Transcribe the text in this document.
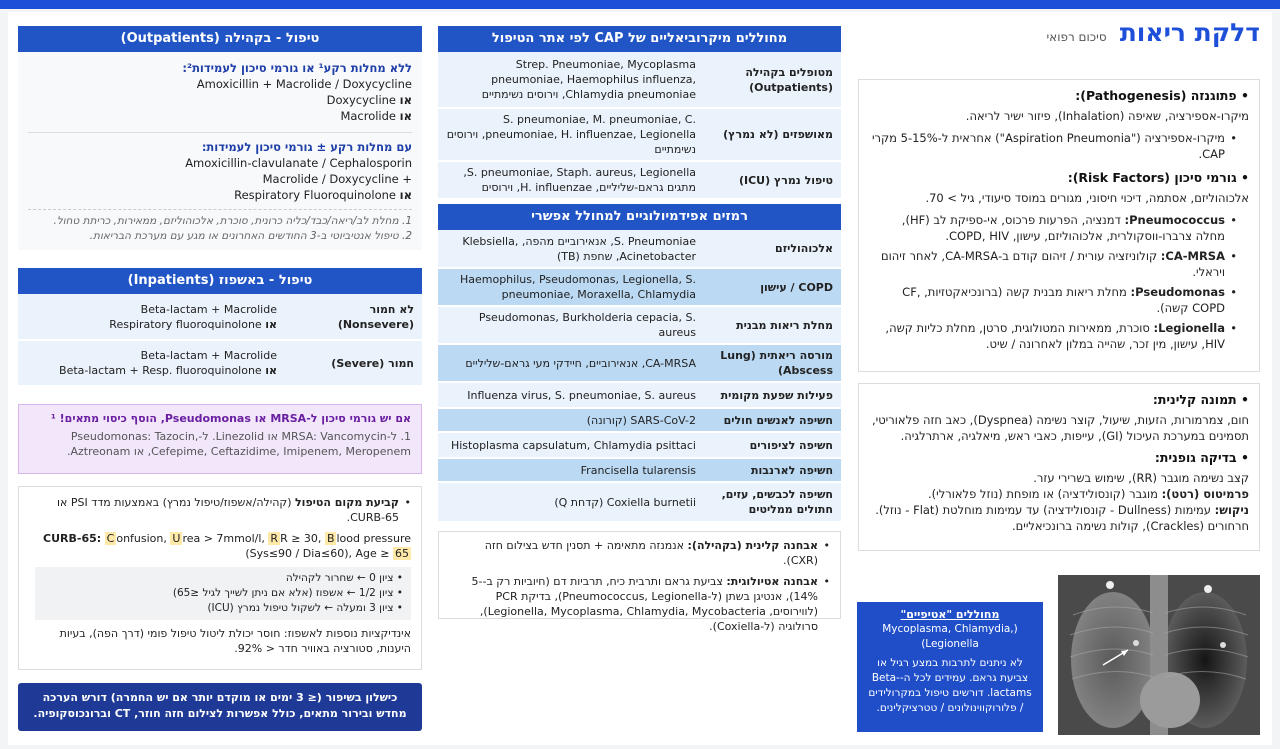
דלקת ריאות סיכום רפואי
• פתוגנזה (Pathogenesis):
מיקרו-אספירציה, שאיפה (Inhalation), פיזור ישיר לריאה.
• מיקרו-אספירציה ("Aspiration Pneumonia") אחראית ל-5-15% מקרי CAP.
• גורמי סיכון (Risk Factors):
אלכוהוליזם, אסתמה, דיכוי חיסוני, מגורים במוסד סיעודי, גיל > 70.
• Pneumococcus: דמנציה, הפרעות פרכוס, אי-ספיקת לב (HF), מחלה צרברו-ווסקולרית, אלכוהוליזם, עישון, COPD, HIV.
• CA-MRSA: קולוניזציה עורית / זיהום קודם ב-CA-MRSA, לאחר זיהום ויראלי.
• Pseudomonas: מחלת ריאות מבנית קשה (ברונכיאקטזיות, CF, COPD קשה).
• Legionella: סוכרת, ממאירות המטולוגית, סרטן, מחלת כליות קשה, HIV, עישון, מין זכר, שהייה במלון לאחרונה / שיט.
• תמונה קלינית:
חום, צמרמורות, הזעות, שיעול, קוצר נשימה (Dyspnea), כאב חזה פלאוריטי, תסמינים במערכת העיכול (GI), עייפות, כאבי ראש, מיאלגיה, ארתרלגיה.
• בדיקה גופנית:
קצב נשימה מוגבר (RR), שימוש בשרירי עזר.
פרמיטוס (רטט): מוגבר (קונסולידציה) או מופחת (נוזל פלאורלי).
ניקוש: עמימות (Dullness - קונסולידציה) עד עמימות מוחלטת (Flat - נוזל).
חרחורים (Crackles), קולות נשימה ברונכיאליים.
מחוללים "אטיפיים"
(Mycoplasma, Chlamydia, Legionella)
לא ניתנים לתרבות במצע רגיל או צביעת גראם. עמידים לכל ה-Beta-lactams. דורשים טיפול במקרולידים / פלורוקווינולונים / טטרציקלינים.
מחוללים מיקרוביאליים של CAP לפי אתר הטיפול
מטופלים בקהילה (Outpatients)	Strep. Pneumoniae, Mycoplasma pneumoniae, Haemophilus influenza, Chlamydia pneumoniae, וירוסים נשימתיים
מאושפזים (לא נמרץ)	S. pneumoniae, M. pneumoniae, C. pneumoniae, H. influenzae, Legionella, וירוסים נשימתיים
טיפול נמרץ (ICU)	S. pneumoniae, Staph. aureus, Legionella, מתגים גראם-שליליים, H. influenzae, וירוסים
רמזים אפידמיולוגיים למחולל אפשרי
אלכוהוליזם	S. Pneumoniae, אנאירוביים מהפה, Klebsiella, Acinetobacter, שחפת (TB)
COPD / עישון	Haemophilus, Pseudomonas, Legionella, S. pneumoniae, Moraxella, Chlamydia
מחלת ריאות מבנית	Pseudomonas, Burkholderia cepacia, S. aureus
מורסה ריאתית (Lung Abscess)	CA-MRSA, אנאירוביים, חיידקי מעי גראם-שליליים
פעילות שפעת מקומית	Influenza virus, S. pneumoniae, S. aureus
חשיפה לאנשים חולים	SARS-CoV-2 (קורונה)
חשיפה לציפורים	Histoplasma capsulatum, Chlamydia psittaci
חשיפה לארנבות	Francisella tularensis
חשיפה לכבשים, עזים, חתולים ממליטים	Coxiella burnetii (קדחת Q)
• אבחנה קלינית (בקהילה): אנמנזה מתאימה + תסנין חדש בצילום חזה (CXR).
• אבחנה אטיולוגית: צביעת גראם ותרבית כיח, תרביות דם (חיוביות רק ב-5-14%), אנטיגן בשתן (ל-Pneumococcus, Legionella), בדיקת PCR (לווירוסים, Legionella, Mycoplasma, Chlamydia, Mycobacteria), סרולוגיה (ל-Coxiella).
טיפול - בקהילה (Outpatients)
ללא מחלות רקע¹ או גורמי סיכון לעמידות²:
Amoxicillin + Macrolide / Doxycycline
או Doxycycline
או Macrolide
עם מחלות רקע ± גורמי סיכון לעמידות:
Amoxicillin-clavulanate / Cephalosporin
Macrolide / Doxycycline +
או Respiratory Fluoroquinolone
1. מחלת לב/ריאה/כבד/כליה כרונית, סוכרת, אלכוהוליזם, ממאירות, כריתת טחול.
2. טיפול אנטיביוטי ב-3 החודשים האחרונים או מגע עם מערכת הבריאות.
טיפול - באשפוז (Inpatients)
לא חמור (Nonsevere)	Beta-lactam + Macrolide
או Respiratory fluoroquinolone

חמור (Severe)	Beta-lactam + Macrolide
או Beta-lactam + Resp. fluoroquinolone
אם יש גורמי סיכון ל-MRSA או Pseudomonas, הוסף כיסוי מתאים! ¹
1. ל-MRSA: Vancomycin או Linezolid. ל-Pseudomonas: Tazocin, Cefepime, Ceftazidime, Imipenem, Meropenem, או Aztreonam.
• קביעת מקום הטיפול (קהילה/אשפוז/טיפול נמרץ) באמצעות מדד PSI או CURB-65.
CURB-65: C onfusion, U rea > 7mmol/l, R R ≥ 30, B lood pressure (Sys≤90 / Dia≤60), Age ≥ 65
• ציון 0 ← שחרור לקהילה
• ציון 1/2 ← אשפוז (אלא אם ניתן לשייך לגיל ≤65)
• ציון 3 ומעלה ← לשקול טיפול נמרץ (ICU)
אינדיקציות נוספות לאשפוז: חוסר יכולת ליטול טיפול פומי (דרך הפה), בעיות היענות, סטורציה באוויר חדר < 92%.
כישלון בשיפור (≤ 3 ימים או מוקדם יותר אם יש החמרה) דורש הערכה מחדש ובירור מתאים, כולל אפשרות לצילום חזה חוזר, CT וברונכוסקופיה.
